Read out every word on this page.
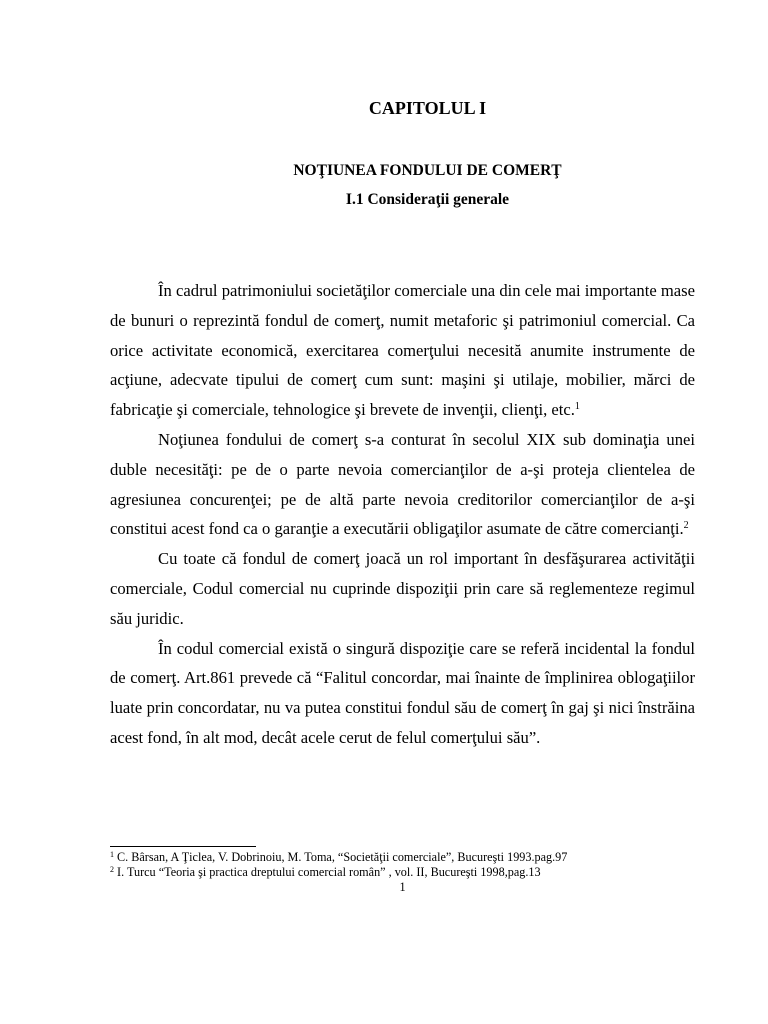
CAPITOLUL I
NOŢIUNEA FONDULUI DE COMERŢ
I.1 Consideraţii generale

În cadrul patrimoniului societăţilor comerciale una din cele mai importante mase de bunuri o reprezintă fondul de comerţ, numit metaforic şi patrimoniul comercial. Ca orice activitate economică, exercitarea comerţului necesită anumite instrumente de acţiune, adecvate tipului de comerţ cum sunt: maşini şi utilaje, mobilier, mărci de fabricaţie şi comerciale, tehnologice şi brevete de invenţii, clienţi, etc.$^1$

Noţiunea fondului de comerţ s-a conturat în secolul XIX sub dominaţia unei duble necesităţi: pe de o parte nevoia comercianţilor de a-şi proteja clientelea de agresiunea concurenţei; pe de altă parte nevoia creditorilor comercianţilor de a-şi constitui acest fond ca o garanţie a executării obligaţilor asumate de către comercianţi.$^2$

Cu toate că fondul de comerţ joacă un rol important în desfăşurarea activităţii comerciale, Codul comercial nu cuprinde dispoziţii prin care să reglementeze regimul său juridic.

În codul comercial există o singură dispoziţie care se referă incidental la fondul de comerţ. Art.861 prevede că “Falitul concordar, mai înainte de împlinirea oblogaţiilor luate prin concordatar, nu va putea constitui fondul său de comerţ în gaj şi nici înstrăina acest fond, în alt mod, decât acele cerut de felul comerţului său”.

$^1$ C. Bârsan, A Ţiclea, V. Dobrinoiu, M. Toma, “Societăţii comerciale”, Bucureşti 1993.pag.97
$^2$ I. Turcu “Teoria şi practica dreptului comercial român” , vol. II, Bucureşti 1998,pag.13
1
